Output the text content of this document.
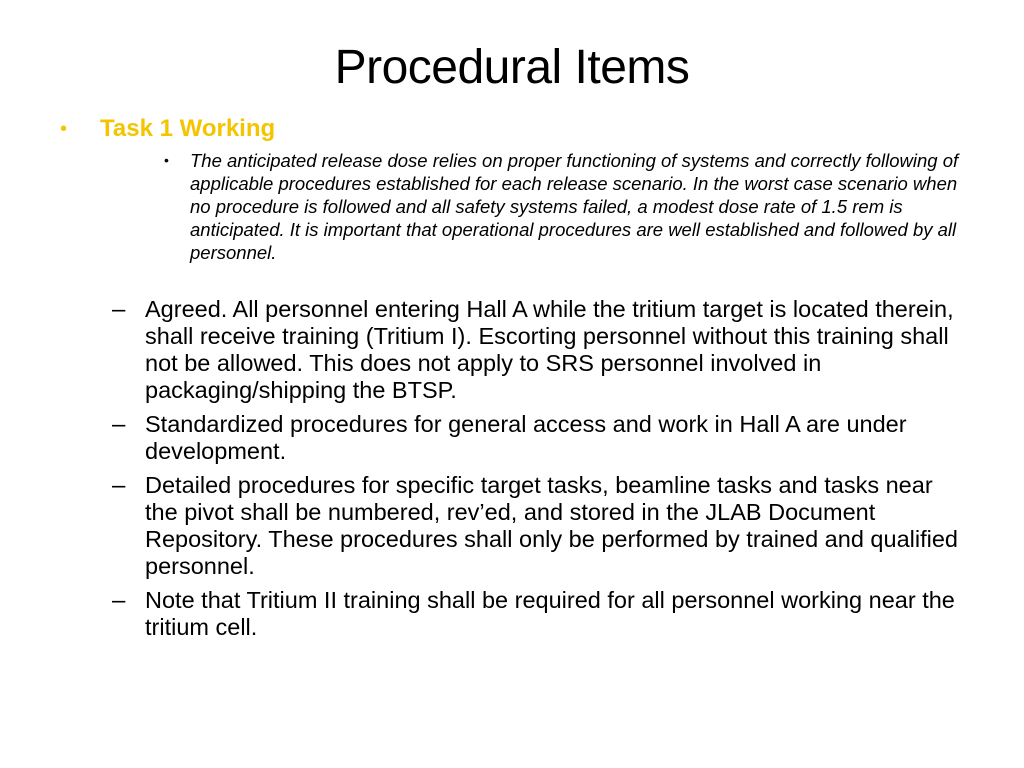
Procedural Items
•	Task 1 Working
•	The anticipated release dose relies on proper functioning of systems and correctly following of applicable procedures established for each release scenario. In the worst case scenario when no procedure is followed and all safety systems failed, a modest dose rate of 1.5 rem is anticipated. It is important that operational procedures are well established and followed by all personnel.
– Agreed. All personnel entering Hall A while the tritium target is located therein, shall receive training (Tritium I). Escorting personnel without this training shall not be allowed. This does not apply to SRS personnel involved in packaging/shipping the BTSP.
– Standardized procedures for general access and work in Hall A are under development.
– Detailed procedures for specific target tasks, beamline tasks and tasks near the pivot shall be numbered, rev’ed, and stored in the JLAB Document Repository. These procedures shall only be performed by trained and qualified personnel.
– Note that Tritium II training shall be required for all personnel working near the tritium cell.
